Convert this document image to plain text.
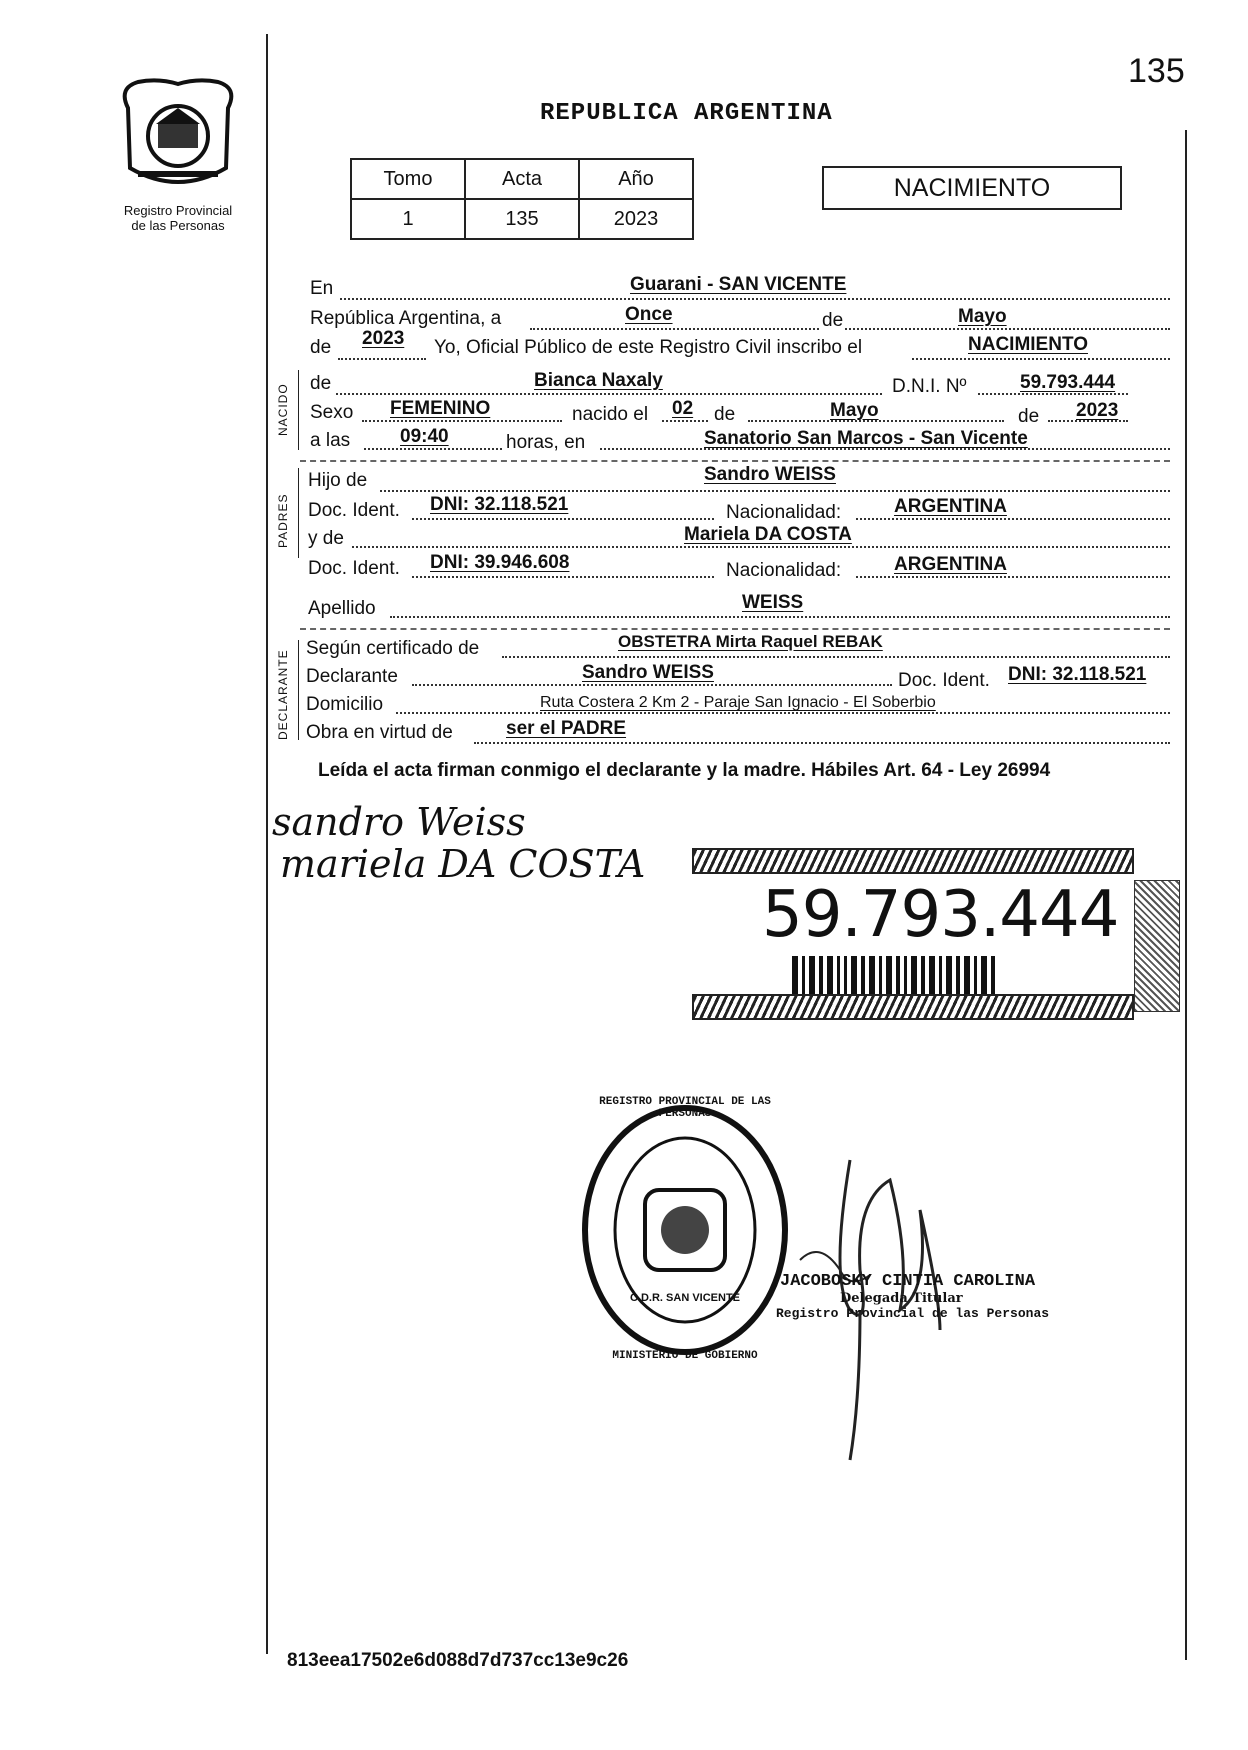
135
Registro Provincial
de las Personas
REPUBLICA ARGENTINA
Tomo	Acta	Año
1	135	2023
NACIMIENTO
NACIDO
PADRES
DECLARANTE
En	Guarani - SAN VICENTE
República Argentina, a	Once	de	Mayo
de 2023 Yo, Oficial Público de este Registro Civil inscribo el	NACIMIENTO
de	Bianca Naxaly	D.N.I. Nº	59.793.444
Sexo FEMENINO	nacido el 02 de	Mayo	de 2023
a las	09:40	horas, en	Sanatorio San Marcos - San Vicente
Hijo de	Sandro WEISS
Doc. Ident. DNI: 32.118.521	Nacionalidad:	ARGENTINA
y de	Mariela DA COSTA
Doc. Ident. DNI: 39.946.608	Nacionalidad:	ARGENTINA
Apellido	WEISS
Según certificado de	OBSTETRA Mirta Raquel REBAK
Declarante	Sandro WEISS	Doc. Ident. DNI: 32.118.521
Domicilio	Ruta Costera 2 Km 2 - Paraje San Ignacio - El Soberbio
Obra en virtud de	ser el PADRE
Leída el acta firman conmigo el declarante y la madre. Hábiles Art. 64 - Ley 26994
sandro Weiss
mariela DA COSTA
59.793.444
REGISTRO PROVINCIAL DE LAS PERSONAS
C.D.R. SAN VICENTE
MINISTERIO DE GOBIERNO
JACOBOSKY CINTIA CAROLINA
Delegada Titular
Registro Provincial de las Personas
813eea17502e6d088d7d737cc13e9c26
